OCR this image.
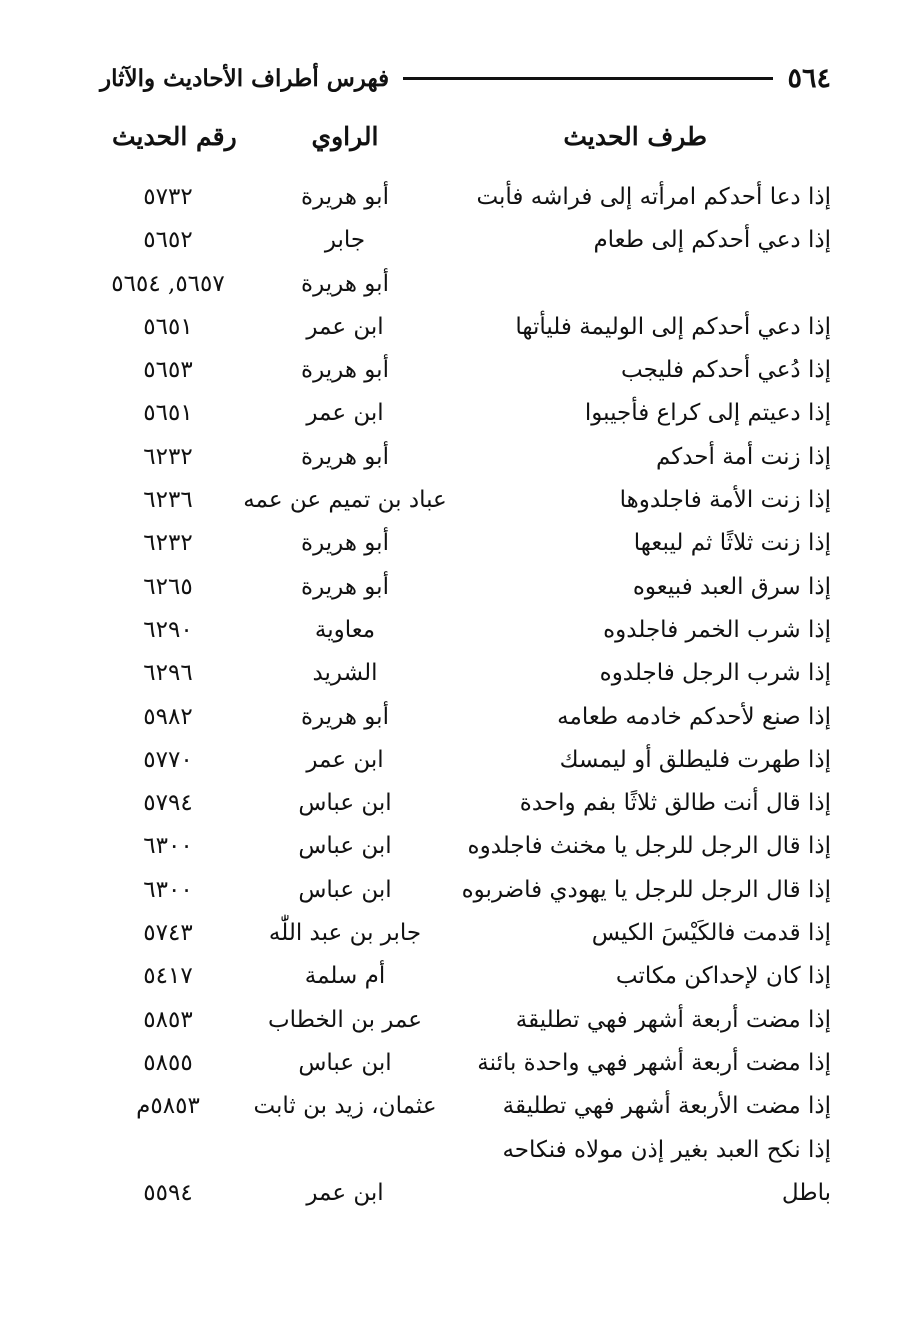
٥٦٤
فهرس أطراف الأحاديث والآثار
طرف الحديث
الراوي
رقم الحديث
إذا دعا أحدكم امرأته إلى فراشه فأبت
أبو هريرة
٥٧٣٢
إذا دعي أحدكم إلى طعام
جابر
٥٦٥٢
أبو هريرة
٥٦٥٧, ٥٦٥٤
إذا دعي أحدكم إلى الوليمة فليأتها
ابن عمر
٥٦٥١
إذا دُعي أحدكم فليجب
أبو هريرة
٥٦٥٣
إذا دعيتم إلى كراع فأجيبوا
ابن عمر
٥٦٥١
إذا زنت أمة أحدكم
أبو هريرة
٦٢٣٢
إذا زنت الأمة فاجلدوها
عباد بن تميم عن عمه
٦٢٣٦
إذا زنت ثلاثًا ثم ليبعها
أبو هريرة
٦٢٣٢
إذا سرق العبد فبيعوه
أبو هريرة
٦٢٦٥
إذا شرب الخمر فاجلدوه
معاوية
٦٢٩٠
إذا شرب الرجل فاجلدوه
الشريد
٦٢٩٦
إذا صنع لأحدكم خادمه طعامه
أبو هريرة
٥٩٨٢
إذا طهرت فليطلق أو ليمسك
ابن عمر
٥٧٧٠
إذا قال أنت طالق ثلاثًا بفم واحدة
ابن عباس
٥٧٩٤
إذا قال الرجل للرجل يا مخنث فاجلدوه
ابن عباس
٦٣٠٠
إذا قال الرجل للرجل يا يهودي فاضربوه
ابن عباس
٦٣٠٠
إذا قدمت فالكَيْسَ الكيس
جابر بن عبد اللّٰه
٥٧٤٣
إذا كان لإحداكن مكاتب
أم سلمة
٥٤١٧
إذا مضت أربعة أشهر فهي تطليقة
عمر بن الخطاب
٥٨٥٣
إذا مضت أربعة أشهر فهي واحدة بائنة
ابن عباس
٥٨٥٥
إذا مضت الأربعة أشهر فهي تطليقة
عثمان، زيد بن ثابت
٥٨٥٣م
إذا نكح العبد بغير إذن مولاه فنكاحه
باطل
ابن عمر
٥٥٩٤
